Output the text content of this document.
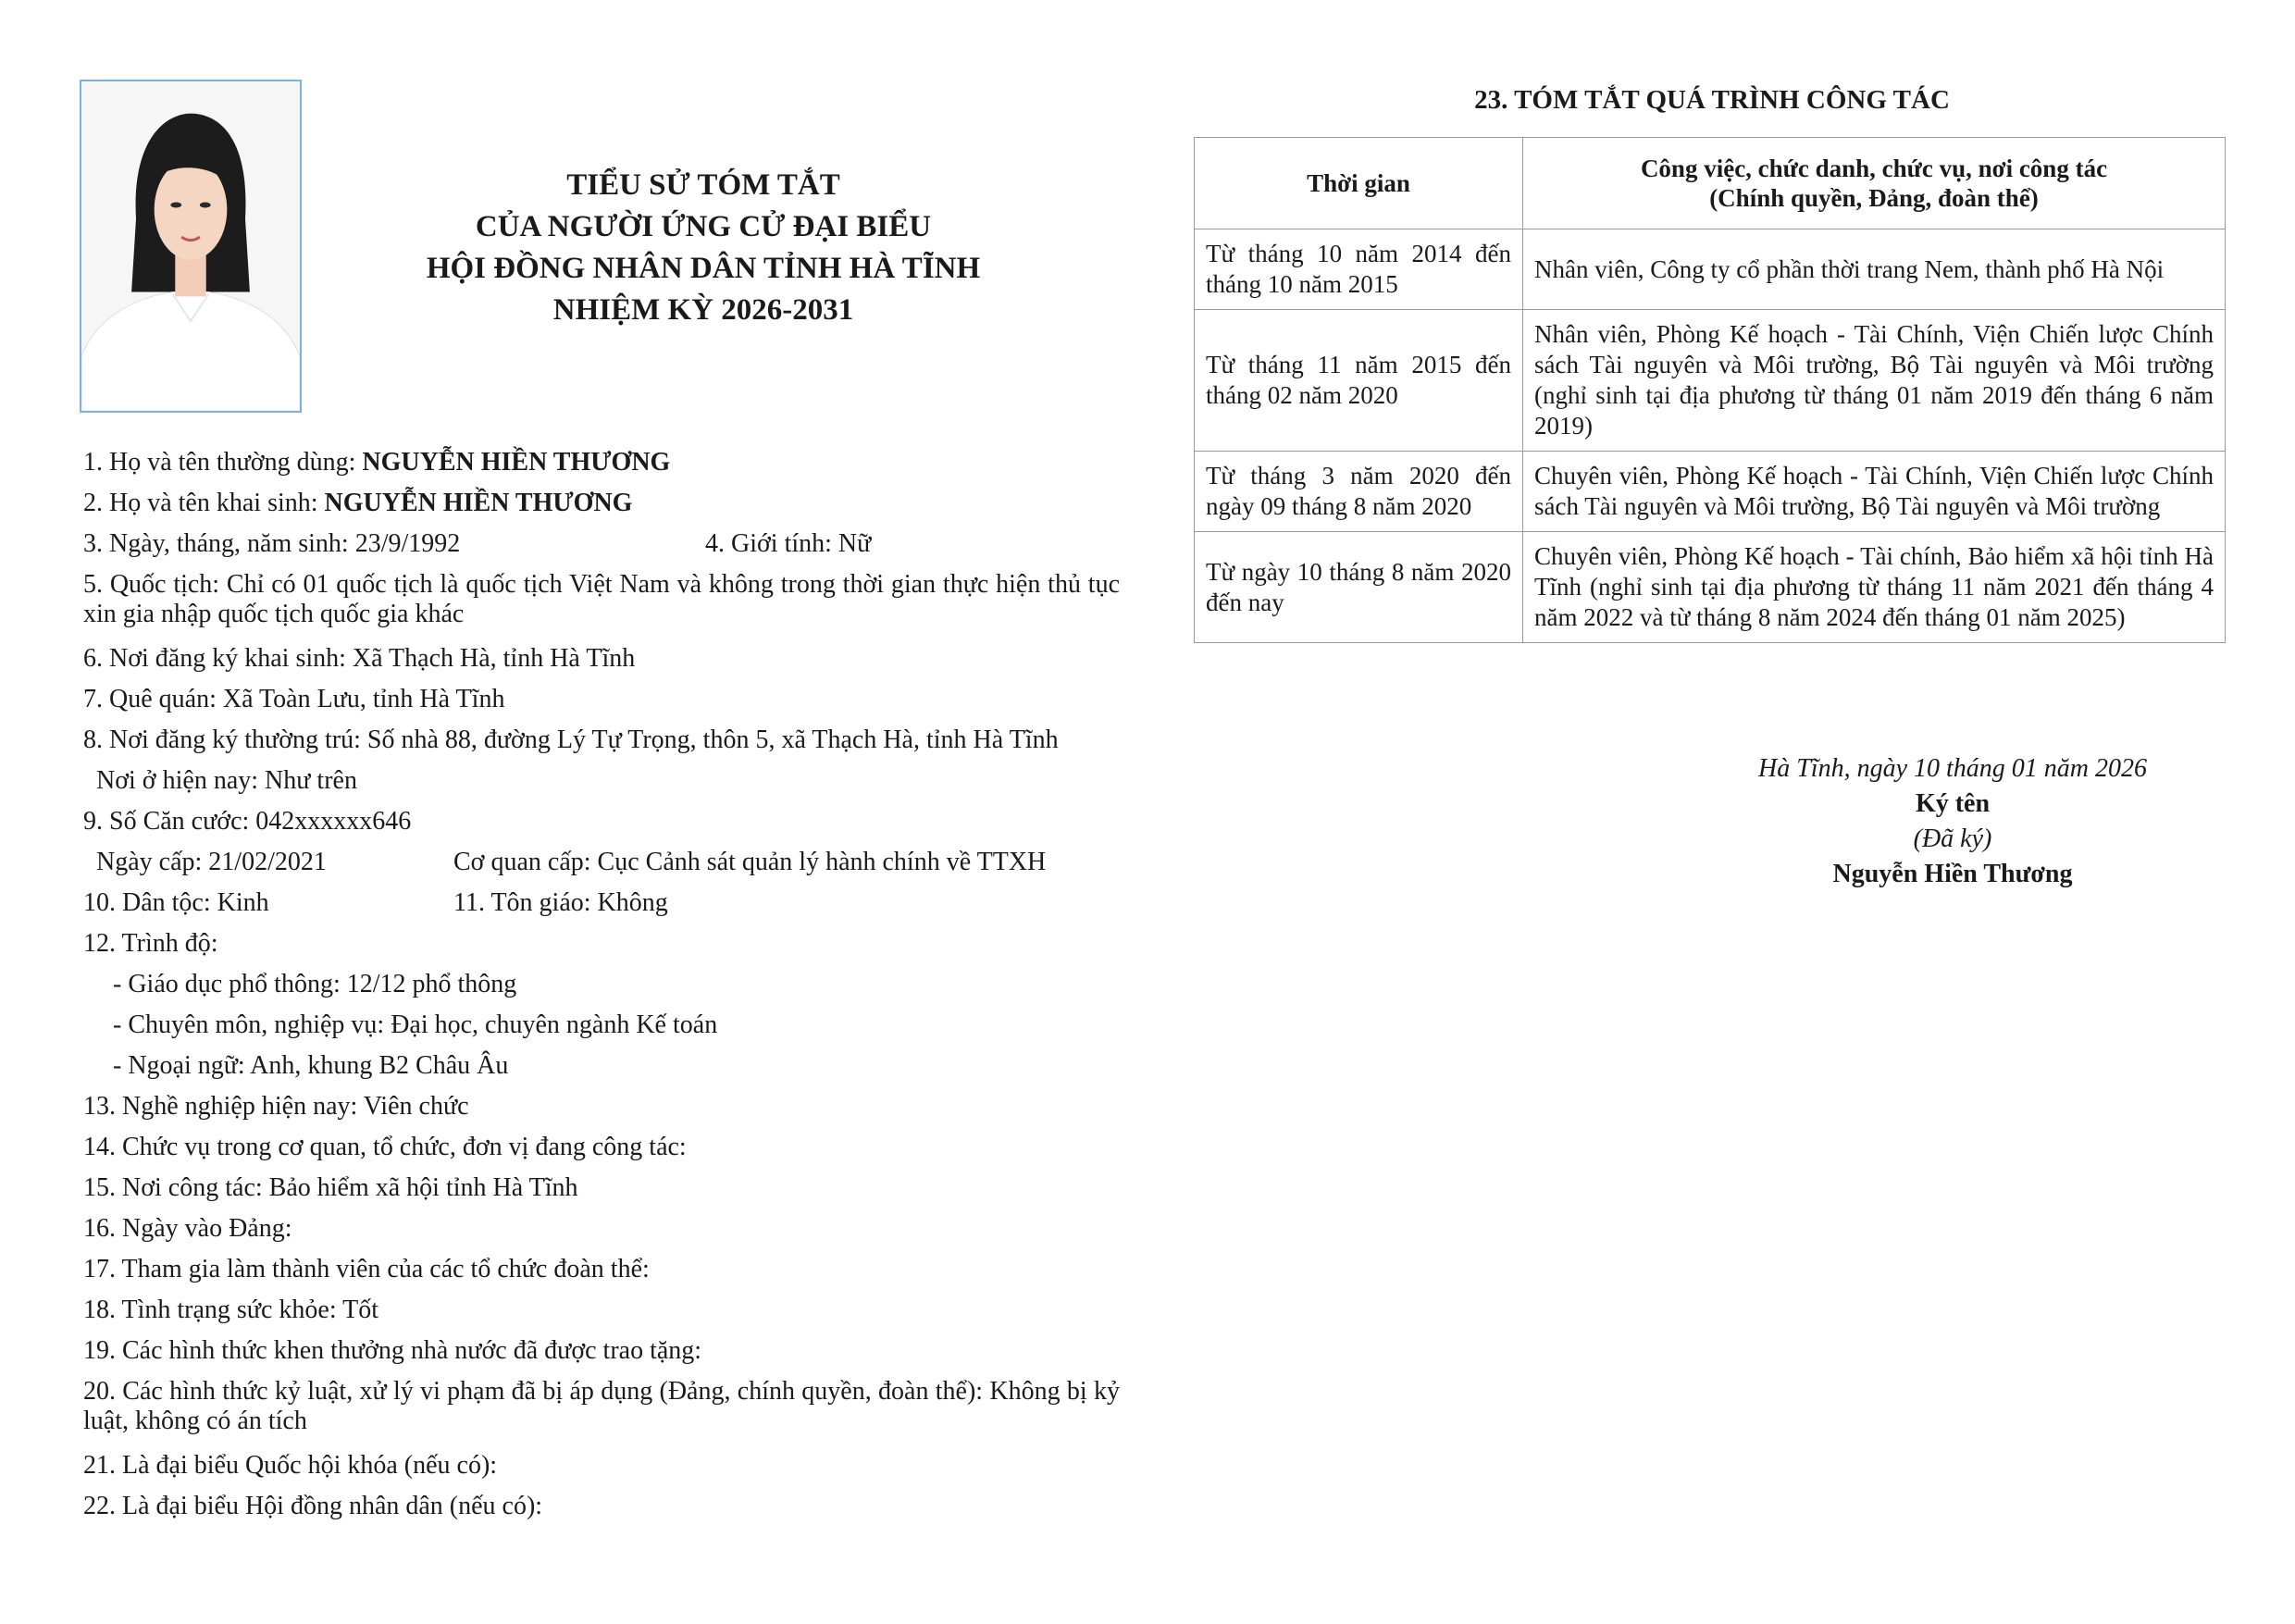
TIỂU SỬ TÓM TẮT
CỦA NGƯỜI ỨNG CỬ ĐẠI BIỂU
HỘI ĐỒNG NHÂN DÂN TỈNH HÀ TĨNH
NHIỆM KỲ 2026-2031
1. Họ và tên thường dùng: NGUYỄN HIỀN THƯƠNG
2. Họ và tên khai sinh: NGUYỄN HIỀN THƯƠNG
3. Ngày, tháng, năm sinh: 23/9/1992	4. Giới tính: Nữ
5. Quốc tịch: Chỉ có 01 quốc tịch là quốc tịch Việt Nam và không trong thời gian thực hiện thủ tục xin gia nhập quốc tịch quốc gia khác
6. Nơi đăng ký khai sinh: Xã Thạch Hà, tỉnh Hà Tĩnh
7. Quê quán: Xã Toàn Lưu, tỉnh Hà Tĩnh
8. Nơi đăng ký thường trú: Số nhà 88, đường Lý Tự Trọng, thôn 5, xã Thạch Hà, tỉnh Hà Tĩnh
Nơi ở hiện nay: Như trên
9. Số Căn cước: 042xxxxxx646
Ngày cấp: 21/02/2021	Cơ quan cấp: Cục Cảnh sát quản lý hành chính về TTXH
10. Dân tộc: Kinh	11. Tôn giáo: Không
12. Trình độ:
- Giáo dục phổ thông: 12/12 phổ thông
- Chuyên môn, nghiệp vụ: Đại học, chuyên ngành Kế toán
- Ngoại ngữ: Anh, khung B2 Châu Âu
13. Nghề nghiệp hiện nay: Viên chức
14. Chức vụ trong cơ quan, tổ chức, đơn vị đang công tác:
15. Nơi công tác: Bảo hiểm xã hội tỉnh Hà Tĩnh
16. Ngày vào Đảng:
17. Tham gia làm thành viên của các tổ chức đoàn thể:
18. Tình trạng sức khỏe: Tốt
19. Các hình thức khen thưởng nhà nước đã được trao tặng:
20. Các hình thức kỷ luật, xử lý vi phạm đã bị áp dụng (Đảng, chính quyền, đoàn thể): Không bị kỷ luật, không có án tích
21. Là đại biểu Quốc hội khóa (nếu có):
22. Là đại biểu Hội đồng nhân dân (nếu có):
23. TÓM TẮT QUÁ TRÌNH CÔNG TÁC
Thời gian	Công việc, chức danh, chức vụ, nơi công tác
(Chính quyền, Đảng, đoàn thể)

Từ tháng 10 năm 2014 đến tháng 10 năm 2015	Nhân viên, Công ty cổ phần thời trang Nem, thành phố Hà Nội
Từ tháng 11 năm 2015 đến tháng 02 năm 2020	Nhân viên, Phòng Kế hoạch - Tài Chính, Viện Chiến lược Chính sách Tài nguyên và Môi trường, Bộ Tài nguyên và Môi trường (nghỉ sinh tại địa phương từ tháng 01 năm 2019 đến tháng 6 năm 2019)
Từ tháng 3 năm 2020 đến ngày 09 tháng 8 năm 2020	Chuyên viên, Phòng Kế hoạch - Tài Chính, Viện Chiến lược Chính sách Tài nguyên và Môi trường, Bộ Tài nguyên và Môi trường
Từ ngày 10 tháng 8 năm 2020 đến nay	Chuyên viên, Phòng Kế hoạch - Tài chính, Bảo hiểm xã hội tỉnh Hà Tĩnh (nghỉ sinh tại địa phương từ tháng 11 năm 2021 đến tháng 4 năm 2022 và từ tháng 8 năm 2024 đến tháng 01 năm 2025)
Hà Tĩnh, ngày 10 tháng 01 năm 2026
Ký tên
(Đã ký)
Nguyễn Hiền Thương
